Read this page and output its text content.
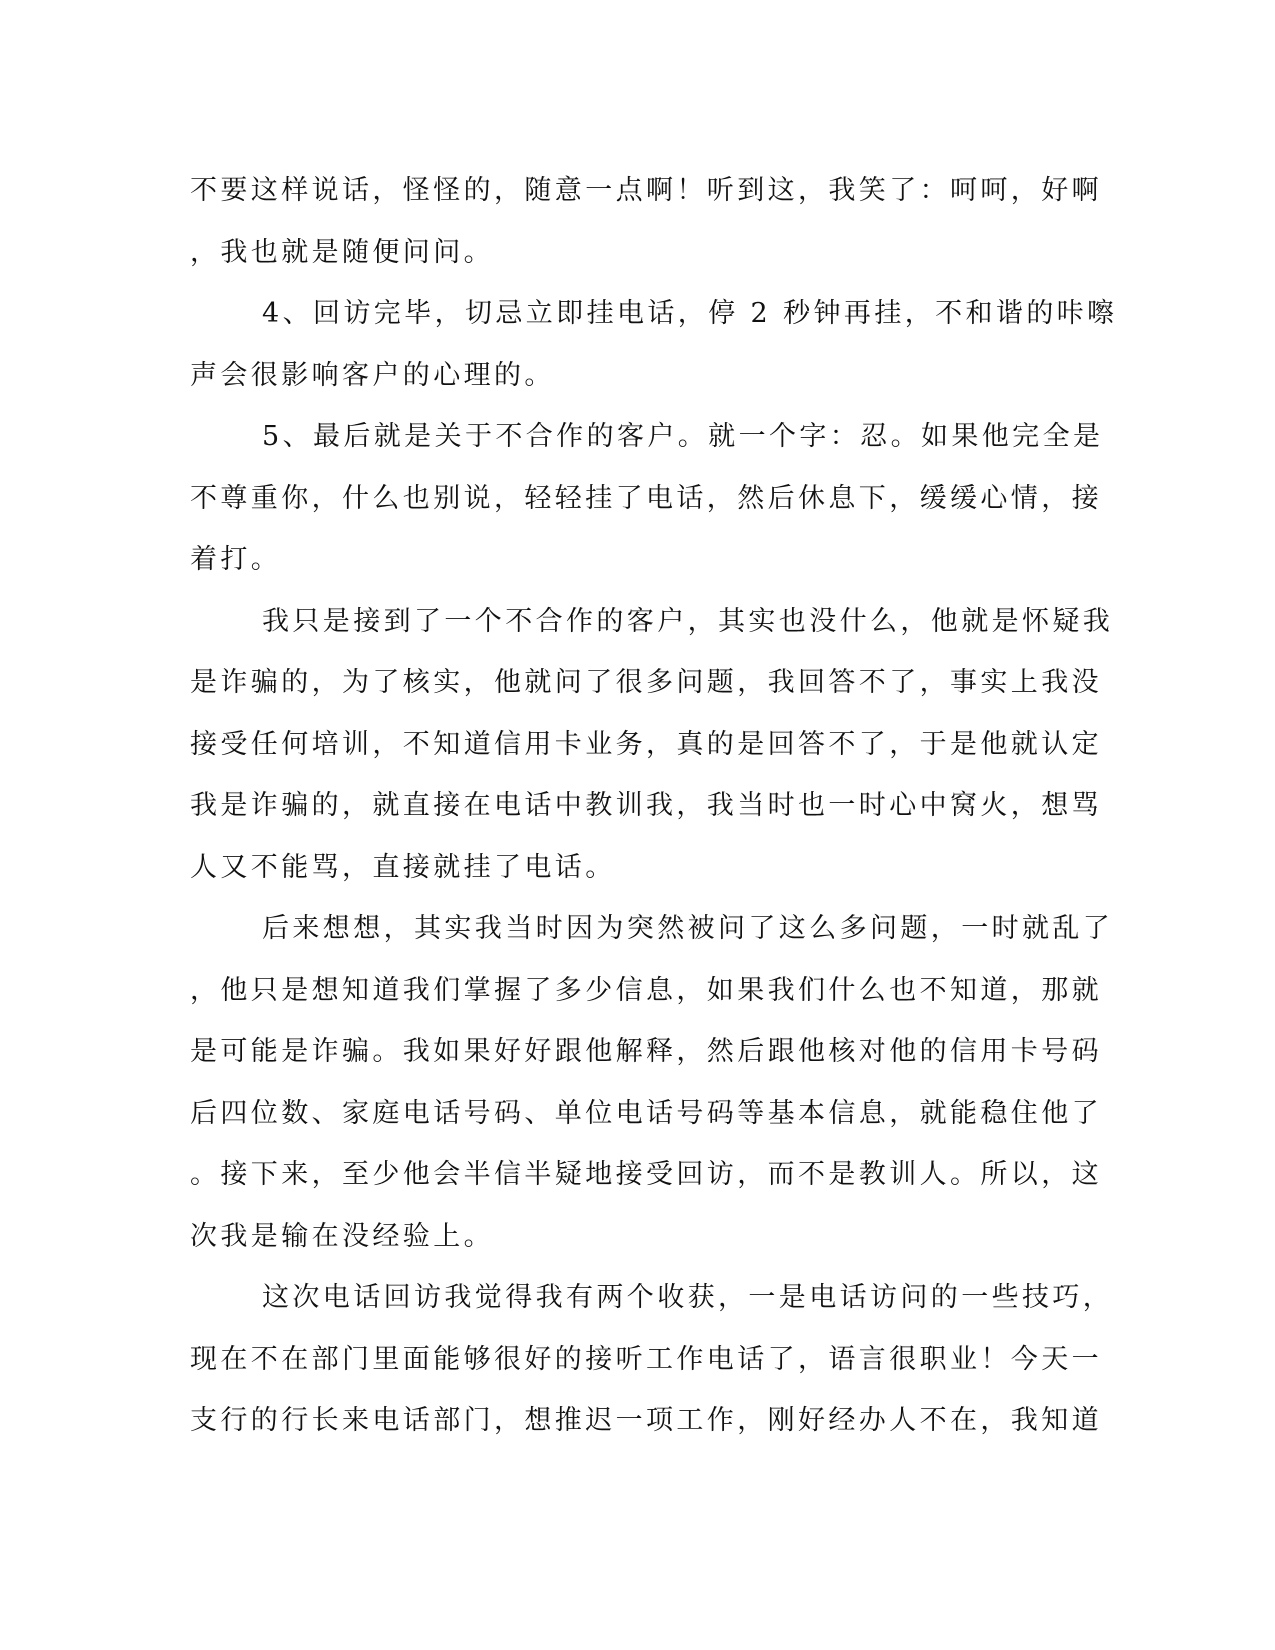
不要这样说话，怪怪的，随意一点啊！听到这，我笑了：呵呵，好啊
，我也就是随便问问。
4、回访完毕，切忌立即挂电话，停 2 秒钟再挂，不和谐的咔嚓
声会很影响客户的心理的。
5、最后就是关于不合作的客户。就一个字：忍。如果他完全是
不尊重你，什么也别说，轻轻挂了电话，然后休息下，缓缓心情，接
着打。
我只是接到了一个不合作的客户，其实也没什么，他就是怀疑我
是诈骗的，为了核实，他就问了很多问题，我回答不了，事实上我没
接受任何培训，不知道信用卡业务，真的是回答不了，于是他就认定
我是诈骗的，就直接在电话中教训我，我当时也一时心中窝火，想骂
人又不能骂，直接就挂了电话。
后来想想，其实我当时因为突然被问了这么多问题，一时就乱了
，他只是想知道我们掌握了多少信息，如果我们什么也不知道，那就
是可能是诈骗。我如果好好跟他解释，然后跟他核对他的信用卡号码
后四位数、家庭电话号码、单位电话号码等基本信息，就能稳住他了
。接下来，至少他会半信半疑地接受回访，而不是教训人。所以，这
次我是输在没经验上。
这次电话回访我觉得我有两个收获，一是电话访问的一些技巧，
现在不在部门里面能够很好的接听工作电话了，语言很职业！今天一
支行的行长来电话部门，想推迟一项工作，刚好经办人不在，我知道
